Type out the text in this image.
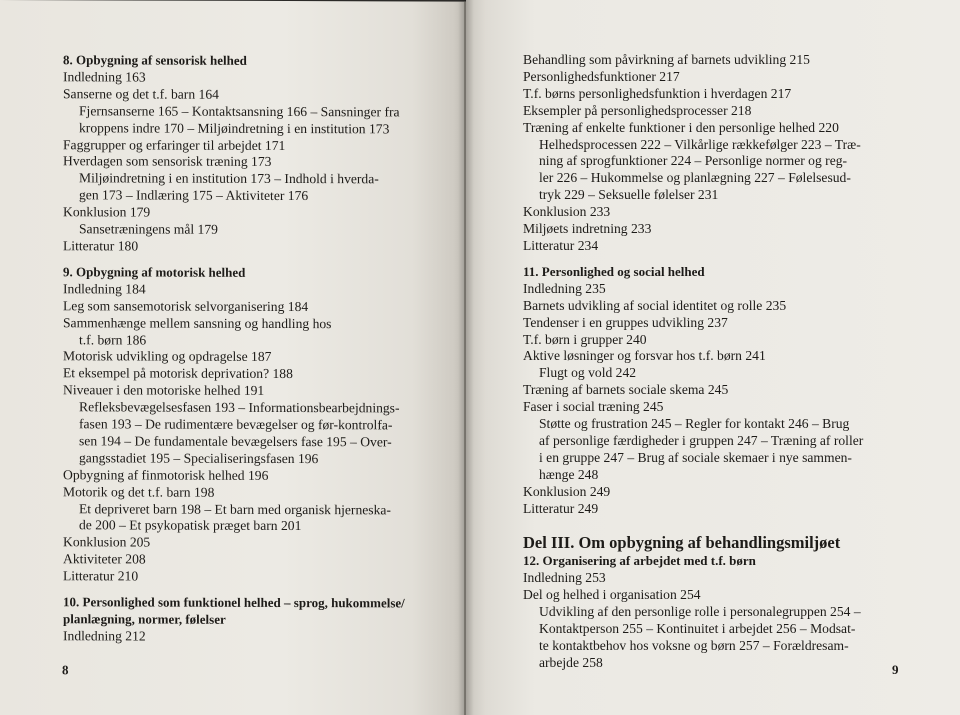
8. Opbygning af sensorisk helhed
Indledning 163
Sanserne og det t.f. barn 164
Fjernsanserne 165 – Kontaktsansning 166 – Sansninger fra
kroppens indre 170 – Miljøindretning i en institution 173
Faggrupper og erfaringer til arbejdet 171
Hverdagen som sensorisk træning 173
Miljøindretning i en institution 173 – Indhold i hverda-
gen 173 – Indlæring 175 – Aktiviteter 176
Konklusion 179
Sansetræningens mål 179
Litteratur 180
9. Opbygning af motorisk helhed
Indledning 184
Leg som sansemotorisk selvorganisering 184
Sammenhænge mellem sansning og handling hos
t.f. børn 186
Motorisk udvikling og opdragelse 187
Et eksempel på motorisk deprivation? 188
Niveauer i den motoriske helhed 191
Refleksbevægelsesfasen 193 – Informationsbearbejdnings-
fasen 193 – De rudimentære bevægelser og før-kontrolfa-
sen 194 – De fundamentale bevægelsers fase 195 – Over-
gangsstadiet 195 – Specialiseringsfasen 196
Opbygning af finmotorisk helhed 196
Motorik og det t.f. barn 198
Et depriveret barn 198 – Et barn med organisk hjerneska-
de 200 – Et psykopatisk præget barn 201
Konklusion 205
Aktiviteter 208
Litteratur 210
10. Personlighed som funktionel helhed – sprog, hukommelse/
planlægning, normer, følelser
Indledning 212
8
Behandling som påvirkning af barnets udvikling 215
Personlighedsfunktioner 217
T.f. børns personlighedsfunktion i hverdagen 217
Eksempler på personlighedsprocesser 218
Træning af enkelte funktioner i den personlige helhed 220
Helhedsprocessen 222 – Vilkårlige rækkefølger 223 – Træ-
ning af sprogfunktioner 224 – Personlige normer og reg-
ler 226 – Hukommelse og planlægning 227 – Følelsesud-
tryk 229 – Seksuelle følelser 231
Konklusion 233
Miljøets indretning 233
Litteratur 234
11. Personlighed og social helhed
Indledning 235
Barnets udvikling af social identitet og rolle 235
Tendenser i en gruppes udvikling 237
T.f. børn i grupper 240
Aktive løsninger og forsvar hos t.f. børn 241
Flugt og vold 242
Træning af barnets sociale skema 245
Faser i social træning 245
Støtte og frustration 245 – Regler for kontakt 246 – Brug
af personlige færdigheder i gruppen 247 – Træning af roller
i en gruppe 247 – Brug af sociale skemaer i nye sammen-
hænge 248
Konklusion 249
Litteratur 249
Del III. Om opbygning af behandlingsmiljøet
12. Organisering af arbejdet med t.f. børn
Indledning 253
Del og helhed i organisation 254
Udvikling af den personlige rolle i personalegruppen 254 –
Kontaktperson 255 – Kontinuitet i arbejdet 256 – Modsat-
te kontaktbehov hos voksne og børn 257 – Forældresam-
arbejde 258	9
